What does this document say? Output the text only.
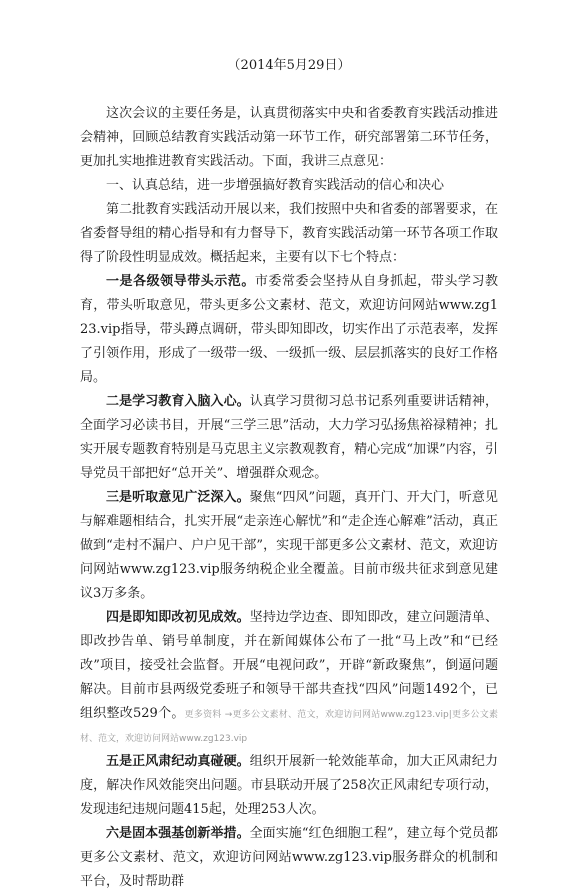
（2014年5月29日）

这次会议的主要任务是，认真贯彻落实中央和省委教育实践活动推进会精神，回顾总结教育实践活动第一环节工作，研究部署第二环节任务，更加扎实地推进教育实践活动。下面，我讲三点意见：

一、认真总结，进一步增强搞好教育实践活动的信心和决心

第二批教育实践活动开展以来，我们按照中央和省委的部署要求，在省委督导组的精心指导和有力督导下，教育实践活动第一环节各项工作取得了阶段性明显成效。概括起来，主要有以下七个特点：

一是各级领导带头示范。市委常委会坚持从自身抓起，带头学习教育，带头听取意见，带头更多公文素材、范文，欢迎访问网站www.zg123.vip指导，带头蹲点调研，带头即知即改，切实作出了示范表率，发挥了引领作用，形成了一级带一级、一级抓一级、层层抓落实的良好工作格局。

二是学习教育入脑入心。认真学习贯彻习总书记系列重要讲话精神，全面学习必读书目，开展“三学三思”活动，大力学习弘扬焦裕禄精神；扎实开展专题教育特别是马克思主义宗教观教育，精心完成“加课”内容，引导党员干部把好“总开关”、增强群众观念。

三是听取意见广泛深入。聚焦“四风”问题，真开门、开大门，听意见与解难题相结合，扎实开展“走亲连心解忧”和“走企连心解难”活动，真正做到“走村不漏户、户户见干部”，实现干部更多公文素材、范文，欢迎访问网站www.zg123.vip服务纳税企业全覆盖。目前市级共征求到意见建议3万多条。

四是即知即改初见成效。坚持边学边查、即知即改，建立问题清单、即改抄告单、销号单制度，并在新闻媒体公布了一批“马上改”和“已经改”项目，接受社会监督。开展“电视问政”，开辟“新政聚焦”，倒逼问题解决。目前市县两级党委班子和领导干部共查找“四风”问题1492个，已组织整改529个。更多资料 →更多公文素材、范文，欢迎访问网站www.zg123.vip|更多公文素材、范文，欢迎访问网站www.zg123.vip

五是正风肃纪动真碰硬。组织开展新一轮效能革命，加大正风肃纪力度，解决作风效能突出问题。市县联动开展了258次正风肃纪专项行动，发现违纪违规问题415起，处理253人次。

六是固本强基创新举措。全面实施“红色细胞工程”，建立每个党员都更多公文素材、范文，欢迎访问网站www.zg123.vip服务群众的机制和平台，及时帮助群
